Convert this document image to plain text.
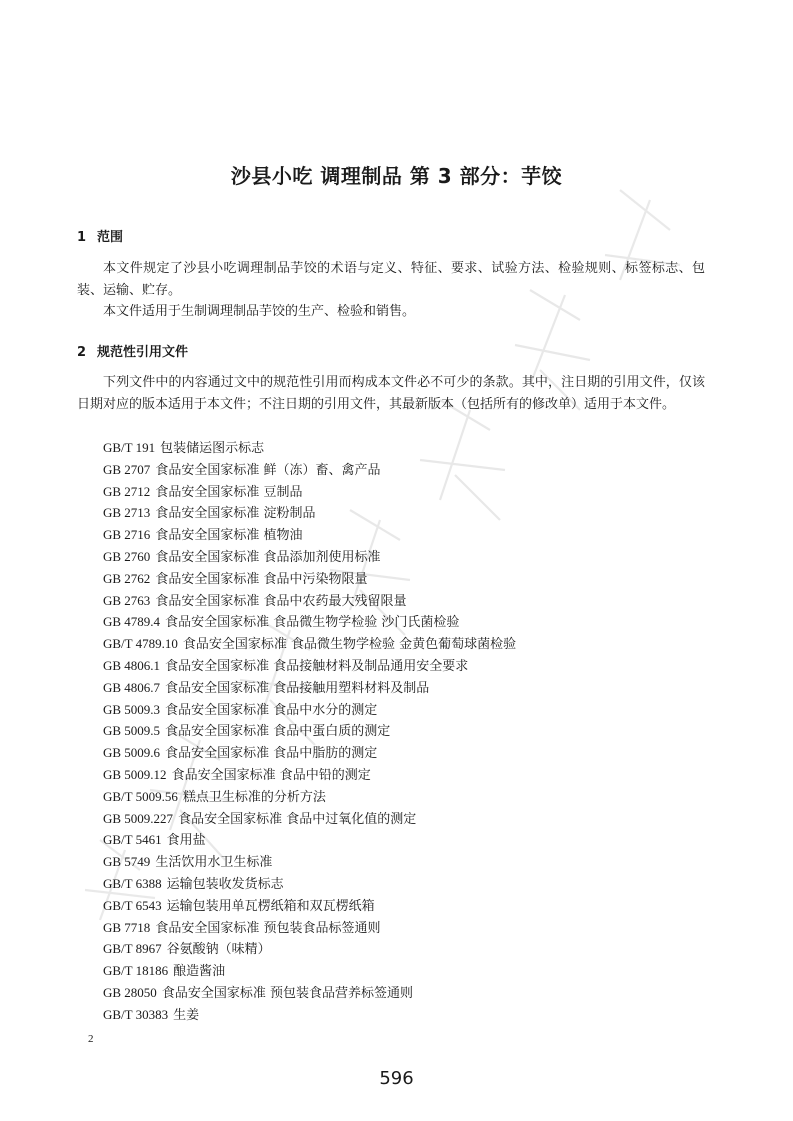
沙县小吃 调理制品 第 3 部分：芋饺
1 范围
本文件规定了沙县小吃调理制品芋饺的术语与定义、特征、要求、试验方法、检验规则、标签标志、包装、运输、贮存。
本文件适用于生制调理制品芋饺的生产、检验和销售。
2 规范性引用文件
下列文件中的内容通过文中的规范性引用而构成本文件必不可少的条款。其中，注日期的引用文件，仅该日期对应的版本适用于本文件；不注日期的引用文件，其最新版本（包括所有的修改单）适用于本文件。
GB/T 191 包装储运图示标志
GB 2707 食品安全国家标准 鲜（冻）畜、禽产品
GB 2712 食品安全国家标准 豆制品
GB 2713 食品安全国家标准 淀粉制品
GB 2716 食品安全国家标准 植物油
GB 2760 食品安全国家标准 食品添加剂使用标准
GB 2762 食品安全国家标准 食品中污染物限量
GB 2763 食品安全国家标准 食品中农药最大残留限量
GB 4789.4 食品安全国家标准 食品微生物学检验 沙门氏菌检验
GB/T 4789.10 食品安全国家标准 食品微生物学检验 金黄色葡萄球菌检验
GB 4806.1 食品安全国家标准 食品接触材料及制品通用安全要求
GB 4806.7 食品安全国家标准 食品接触用塑料材料及制品
GB 5009.3 食品安全国家标准 食品中水分的测定
GB 5009.5 食品安全国家标准 食品中蛋白质的测定
GB 5009.6 食品安全国家标准 食品中脂肪的测定
GB 5009.12 食品安全国家标准 食品中铅的测定
GB/T 5009.56 糕点卫生标准的分析方法
GB 5009.227 食品安全国家标准 食品中过氧化值的测定
GB/T 5461 食用盐
GB 5749 生活饮用水卫生标准
GB/T 6388 运输包装收发货标志
GB/T 6543 运输包装用单瓦楞纸箱和双瓦楞纸箱
GB 7718 食品安全国家标准 预包装食品标签通则
GB/T 8967 谷氨酸钠（味精）
GB/T 18186 酿造酱油
GB 28050 食品安全国家标准 预包装食品营养标签通则
GB/T 30383 生姜
2
596
